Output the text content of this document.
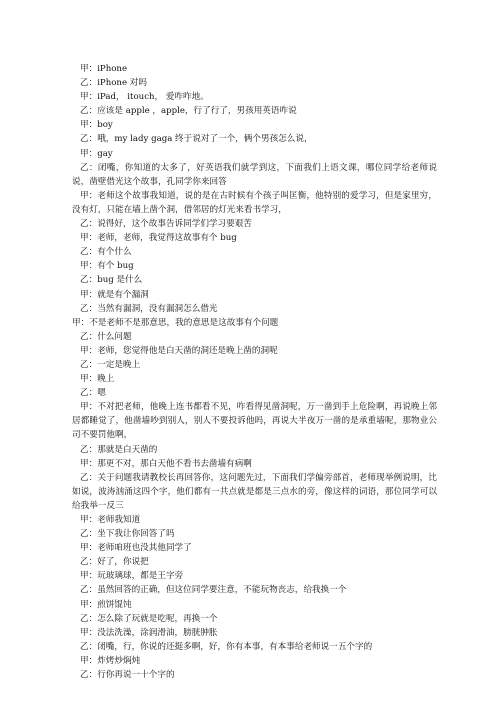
甲：iPhone
乙：iPhone 对吗
甲：iPad， itouch， 爱咋咋地。
乙：应该是 apple ，apple，行了行了，男孩用英语咋说
甲：boy
乙：哦，my lady gaga 终于说对了一个，俩个男孩怎么说，
甲：gay
乙：闭嘴，你知道的太多了，好英语我们就学到这，下面我们上语文课，哪位同学给老师说说，凿壁借光这个故事，孔同学你来回答
甲：老师这个故事我知道，说的是在古时候有个孩子叫匡衡，他特别的爱学习，但是家里穷，没有灯，只能在墙上凿个洞，借邻居的灯光来看书学习，
乙：说得好，这个故事告诉同学们学习要艰苦
甲：老师，老师，我觉得这故事有个 bug
乙：有个什么
甲：有个 bug
乙：bug 是什么
甲：就是有个漏洞
乙：当然有漏洞，没有漏洞怎么借光
甲：不是老师不是那意思，我的意思是这故事有个问题
乙：什么问题
甲：老师，您觉得他是白天凿的洞还是晚上凿的洞呢
乙：一定是晚上
甲：晚上
乙：嗯
甲：不对把老师，他晚上连书都看不见，咋看得见凿洞呢，万一凿到手上危险啊，再说晚上邻居都睡觉了，他凿墙吵到别人，别人不要投诉他吗，再说大半夜万一凿的是承重墙呢，那物业公司不要罚他啊，
乙：那就是白天凿的
甲：那更不对，那白天他不看书去凿墙有病啊
乙：关于问题我请教校长再回答你，这问题先过，下面我们学偏旁部首，老师现举例说明，比如说，波涛汹涌这四个字，他们都有一共点就是都是三点水的旁，像这样的词语，那位同学可以给我举一反三
甲：老师我知道
乙：坐下我让你回答了吗
甲：老师咱班也没其他同学了
乙：好了，你说把
甲：玩玻璃球，都是王字旁
乙：虽然回答的正确，但这位同学要注意，不能玩物丧志，给我换一个
甲：煎饼馄饨
乙：怎么除了玩就是吃呢，再换一个
甲：没法洗澡，涂润滑油，膀胱肿胀
乙：闭嘴，行，你说的还挺多啊，好，你有本事，有本事给老师说一五个字的
甲：炸烤炒焖炖
乙：行你再说一十个字的
